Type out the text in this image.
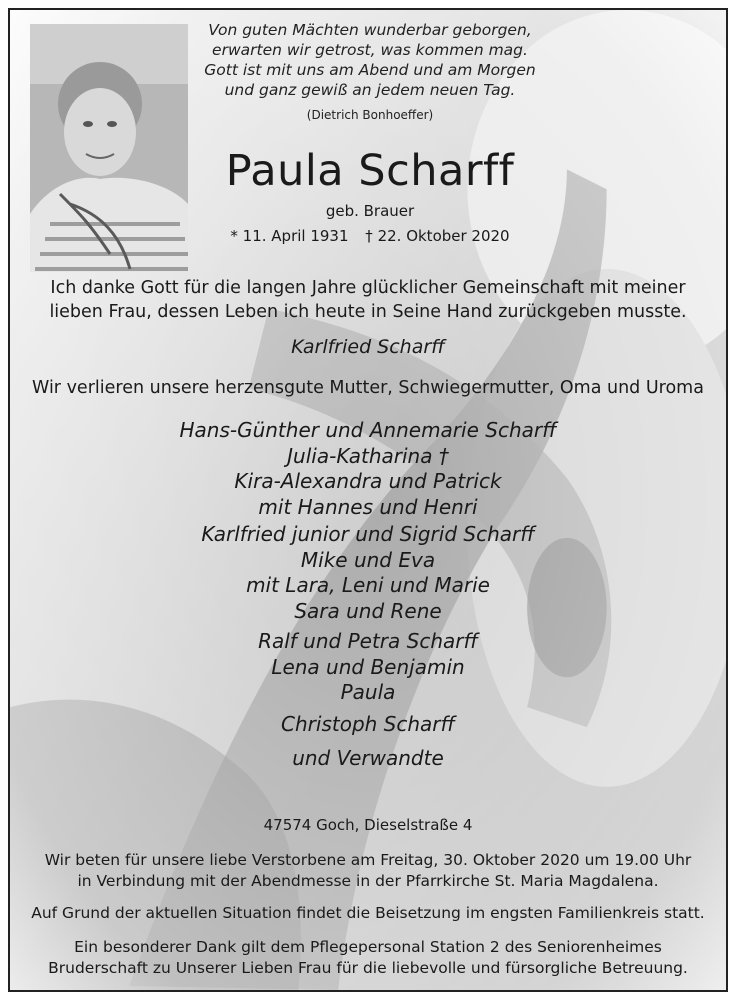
Von guten Mächten wunderbar geborgen,
erwarten wir getrost, was kommen mag.
Gott ist mit uns am Abend und am Morgen
und ganz gewiß an jedem neuen Tag.
(Dietrich Bonhoeffer)
Paula Scharff
geb. Brauer
* 11. April 1931 † 22. Oktober 2020
Ich danke Gott für die langen Jahre glücklicher Gemeinschaft mit meiner
lieben Frau, dessen Leben ich heute in Seine Hand zurückgeben musste.
Karlfried Scharff
Wir verlieren unsere herzensgute Mutter, Schwiegermutter, Oma und Uroma
Hans-Günther und Annemarie Scharff
Julia-Katharina †
Kira-Alexandra und Patrick
mit Hannes und Henri
Karlfried junior und Sigrid Scharff
Mike und Eva
mit Lara, Leni und Marie
Sara und Rene
Ralf und Petra Scharff
Lena und Benjamin
Paula
Christoph Scharff
und Verwandte
47574 Goch, Dieselstraße 4
Wir beten für unsere liebe Verstorbene am Freitag, 30. Oktober 2020 um 19.00 Uhr
in Verbindung mit der Abendmesse in der Pfarrkirche St. Maria Magdalena.
Auf Grund der aktuellen Situation findet die Beisetzung im engsten Familienkreis statt.
Ein besonderer Dank gilt dem Pflegepersonal Station 2 des Seniorenheimes
Bruderschaft zu Unserer Lieben Frau für die liebevolle und fürsorgliche Betreuung.
